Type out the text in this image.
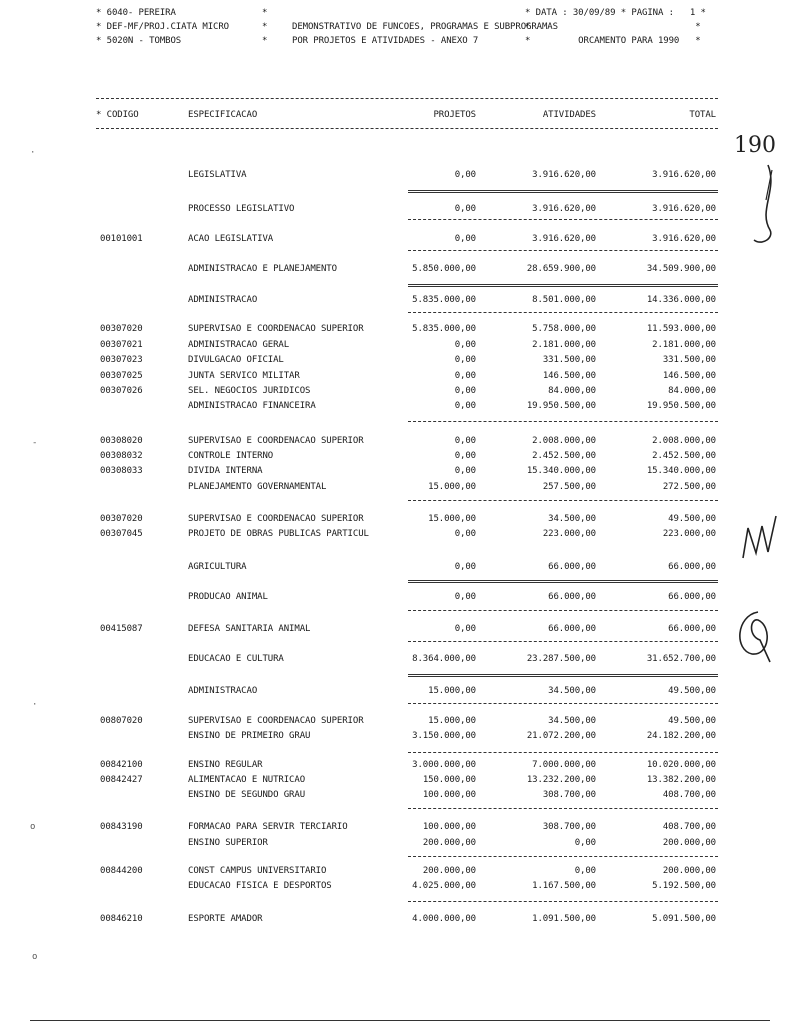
* 6040- PEREIRA
* DEF-MF/PROJ.CIATA MICRO
* 5020N - TOMBOS
*
*
*
DEMONSTRATIVO DE FUNCOES, PROGRAMAS E SUBPROGRAMAS
POR PROJETOS E ATIVIDADES - ANEXO 7
* DATA : 30/09/89 * PAGINA :   1 *
*                               *
*         ORCAMENTO PARA 1990   *
* CODIGO	ESPECIFICACAO	PROJETOS	ATIVIDADES	TOTAL
LEGISLATIVA	0,00	3.916.620,00	3.916.620,00
PROCESSO LEGISLATIVO	0,00	3.916.620,00	3.916.620,00
00101001	ACAO LEGISLATIVA	0,00	3.916.620,00	3.916.620,00
ADMINISTRACAO E PLANEJAMENTO	5.850.000,00	28.659.900,00	34.509.900,00
ADMINISTRACAO	5.835.000,00	8.501.000,00	14.336.000,00
00307020	SUPERVISAO E COORDENACAO SUPERIOR	5.835.000,00	5.758.000,00	11.593.000,00
00307021	ADMINISTRACAO GERAL	0,00	2.181.000,00	2.181.000,00
00307023	DIVULGACAO OFICIAL	0,00	331.500,00	331.500,00
00307025	JUNTA SERVICO MILITAR	0,00	146.500,00	146.500,00
00307026	SEL. NEGOCIOS JURIDICOS	0,00	84.000,00	84.000,00
ADMINISTRACAO FINANCEIRA	0,00	19.950.500,00	19.950.500,00
00308020	SUPERVISAO E COORDENACAO SUPERIOR	0,00	2.008.000,00	2.008.000,00
00308032	CONTROLE INTERNO	0,00	2.452.500,00	2.452.500,00
00308033	DIVIDA INTERNA	0,00	15.340.000,00	15.340.000,00
PLANEJAMENTO GOVERNAMENTAL	15.000,00	257.500,00	272.500,00
00307020	SUPERVISAO E COORDENACAO SUPERIOR	15.000,00	34.500,00	49.500,00
00307045	PROJETO DE OBRAS PUBLICAS PARTICUL	0,00	223.000,00	223.000,00
AGRICULTURA	0,00	66.000,00	66.000,00
PRODUCAO ANIMAL	0,00	66.000,00	66.000,00
00415087	DEFESA SANITARIA ANIMAL	0,00	66.000,00	66.000,00
EDUCACAO E CULTURA	8.364.000,00	23.287.500,00	31.652.700,00
ADMINISTRACAO	15.000,00	34.500,00	49.500,00
00807020	SUPERVISAO E COORDENACAO SUPERIOR	15.000,00	34.500,00	49.500,00
ENSINO DE PRIMEIRO GRAU	3.150.000,00	21.072.200,00	24.182.200,00
00842100	ENSINO REGULAR	3.000.000,00	7.000.000,00	10.020.000,00
00842427	ALIMENTACAO E NUTRICAO	150.000,00	13.232.200,00	13.382.200,00
ENSINO DE SEGUNDO GRAU	100.000,00	308.700,00	408.700,00
00843190	FORMACAO PARA SERVIR TERCIARIO	100.000,00	308.700,00	408.700,00
ENSINO SUPERIOR	200.000,00	0,00	200.000,00
00844200	CONST CAMPUS UNIVERSITARIO	200.000,00	0,00	200.000,00
EDUCACAO FISICA E DESPORTOS	4.025.000,00	1.167.500,00	5.192.500,00
00846210	ESPORTE AMADOR	4.000.000,00	1.091.500,00	5.091.500,00
190
·
-
·
o
o
